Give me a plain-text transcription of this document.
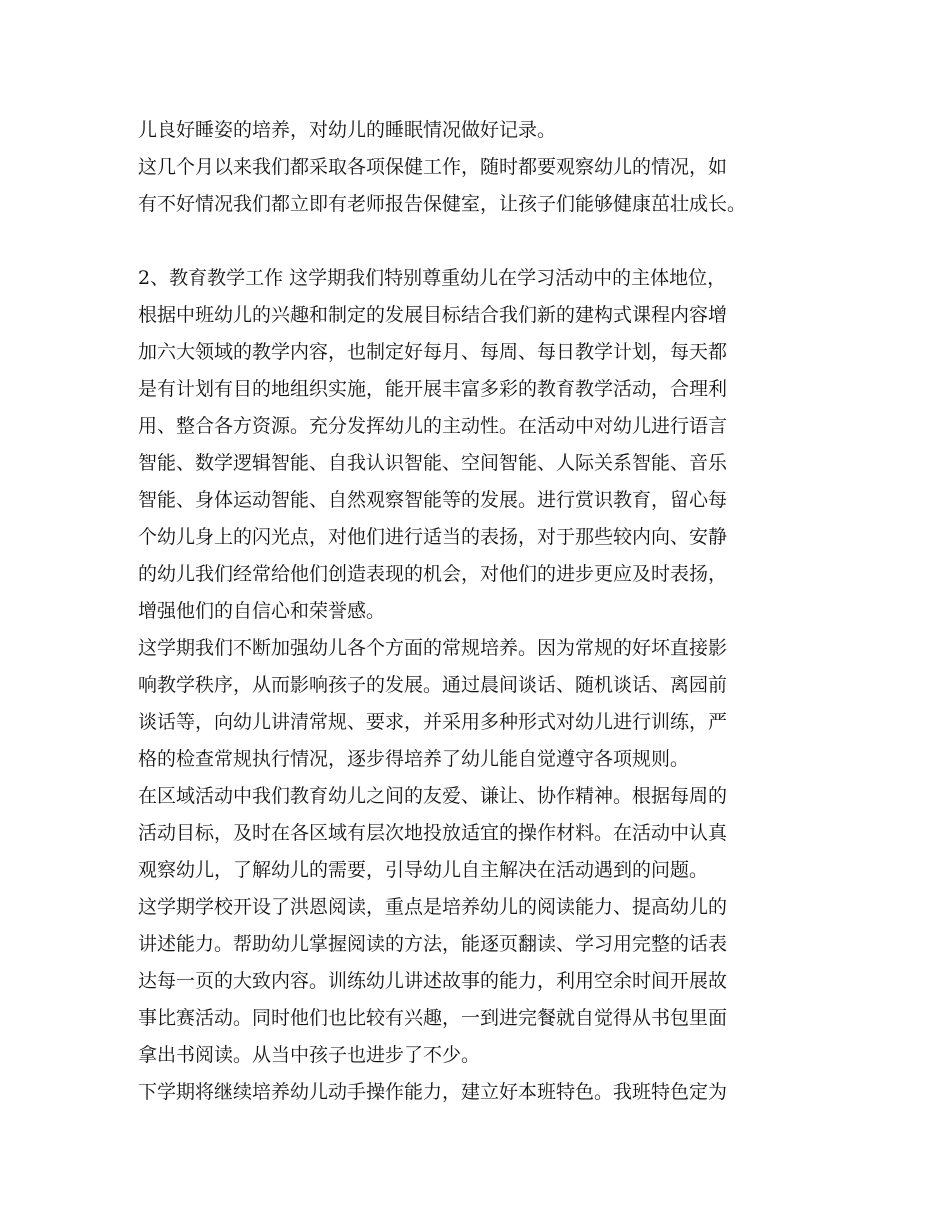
儿良好睡姿的培养，对幼儿的睡眠情况做好记录。
这几个月以来我们都采取各项保健工作，随时都要观察幼儿的情况，如
有不好情况我们都立即有老师报告保健室，让孩子们能够健康茁壮成长。
2、教育教学工作 这学期我们特别尊重幼儿在学习活动中的主体地位，
根据中班幼儿的兴趣和制定的发展目标结合我们新的建构式课程内容增
加六大领域的教学内容，也制定好每月、每周、每日教学计划，每天都
是有计划有目的地组织实施，能开展丰富多彩的教育教学活动，合理利
用、整合各方资源。充分发挥幼儿的主动性。在活动中对幼儿进行语言
智能、数学逻辑智能、自我认识智能、空间智能、人际关系智能、音乐
智能、身体运动智能、自然观察智能等的发展。进行赏识教育，留心每
个幼儿身上的闪光点，对他们进行适当的表扬，对于那些较内向、安静
的幼儿我们经常给他们创造表现的机会，对他们的进步更应及时表扬，
增强他们的自信心和荣誉感。
这学期我们不断加强幼儿各个方面的常规培养。因为常规的好坏直接影
响教学秩序，从而影响孩子的发展。通过晨间谈话、随机谈话、离园前
谈话等，向幼儿讲清常规、要求，并采用多种形式对幼儿进行训练，严
格的检查常规执行情况，逐步得培养了幼儿能自觉遵守各项规则。
在区域活动中我们教育幼儿之间的友爱、谦让、协作精神。根据每周的
活动目标，及时在各区域有层次地投放适宜的操作材料。在活动中认真
观察幼儿，了解幼儿的需要，引导幼儿自主解决在活动遇到的问题。
这学期学校开设了洪恩阅读，重点是培养幼儿的阅读能力、提高幼儿的
讲述能力。帮助幼儿掌握阅读的方法，能逐页翻读、学习用完整的话表
达每一页的大致内容。训练幼儿讲述故事的能力，利用空余时间开展故
事比赛活动。同时他们也比较有兴趣，一到进完餐就自觉得从书包里面
拿出书阅读。从当中孩子也进步了不少。
下学期将继续培养幼儿动手操作能力，建立好本班特色。我班特色定为
